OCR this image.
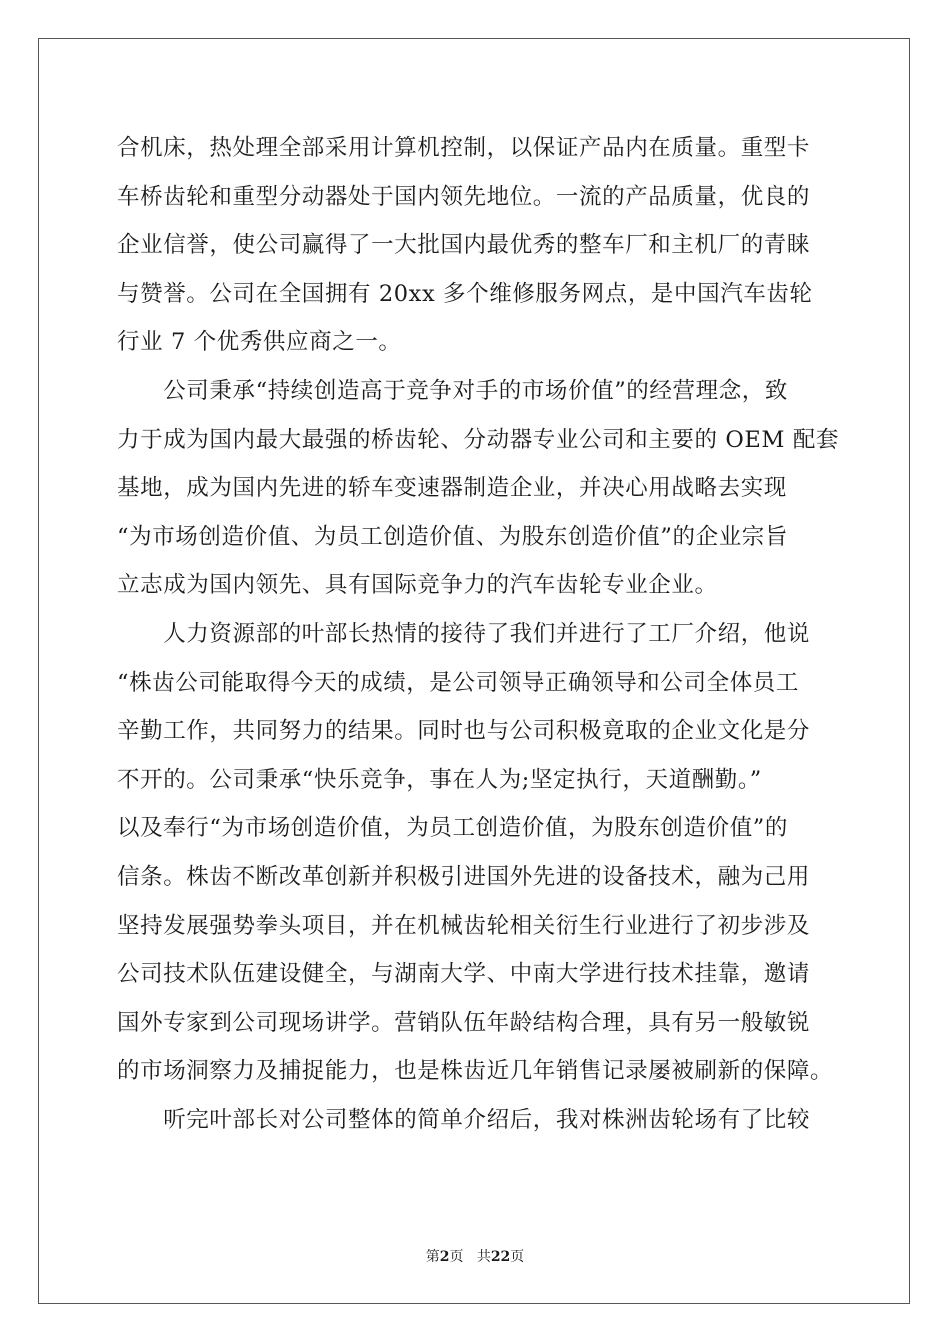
合机床，热处理全部采用计算机控制，以保证产品内在质量。重型卡
车桥齿轮和重型分动器处于国内领先地位。一流的产品质量，优良的
企业信誉，使公司赢得了一大批国内最优秀的整车厂和主机厂的青睐
与赞誉。公司在全国拥有 20xx 多个维修服务网点，是中国汽车齿轮
行业 7 个优秀供应商之一。
　　公司秉承“持续创造高于竞争对手的市场价值”的经营理念，致
力于成为国内最大最强的桥齿轮、分动器专业公司和主要的 OEM 配套
基地，成为国内先进的轿车变速器制造企业，并决心用战略去实现
“为市场创造价值、为员工创造价值、为股东创造价值”的企业宗旨
立志成为国内领先、具有国际竞争力的汽车齿轮专业企业。
　　人力资源部的叶部长热情的接待了我们并进行了工厂介绍，他说
“株齿公司能取得今天的成绩，是公司领导正确领导和公司全体员工
辛勤工作，共同努力的结果。同时也与公司积极竟取的企业文化是分
不开的。公司秉承“快乐竞争，事在人为;坚定执行，天道酬勤。”
以及奉行“为市场创造价值，为员工创造价值，为股东创造价值”的
信条。株齿不断改革创新并积极引进国外先进的设备技术，融为己用
坚持发展强势拳头项目，并在机械齿轮相关衍生行业进行了初步涉及
公司技术队伍建设健全，与湖南大学、中南大学进行技术挂靠，邀请
国外专家到公司现场讲学。营销队伍年龄结构合理，具有另一般敏锐
的市场洞察力及捕捉能力，也是株齿近几年销售记录屡被刷新的保障。
　　听完叶部长对公司整体的简单介绍后，我对株洲齿轮场有了比较
第2页 共22页
